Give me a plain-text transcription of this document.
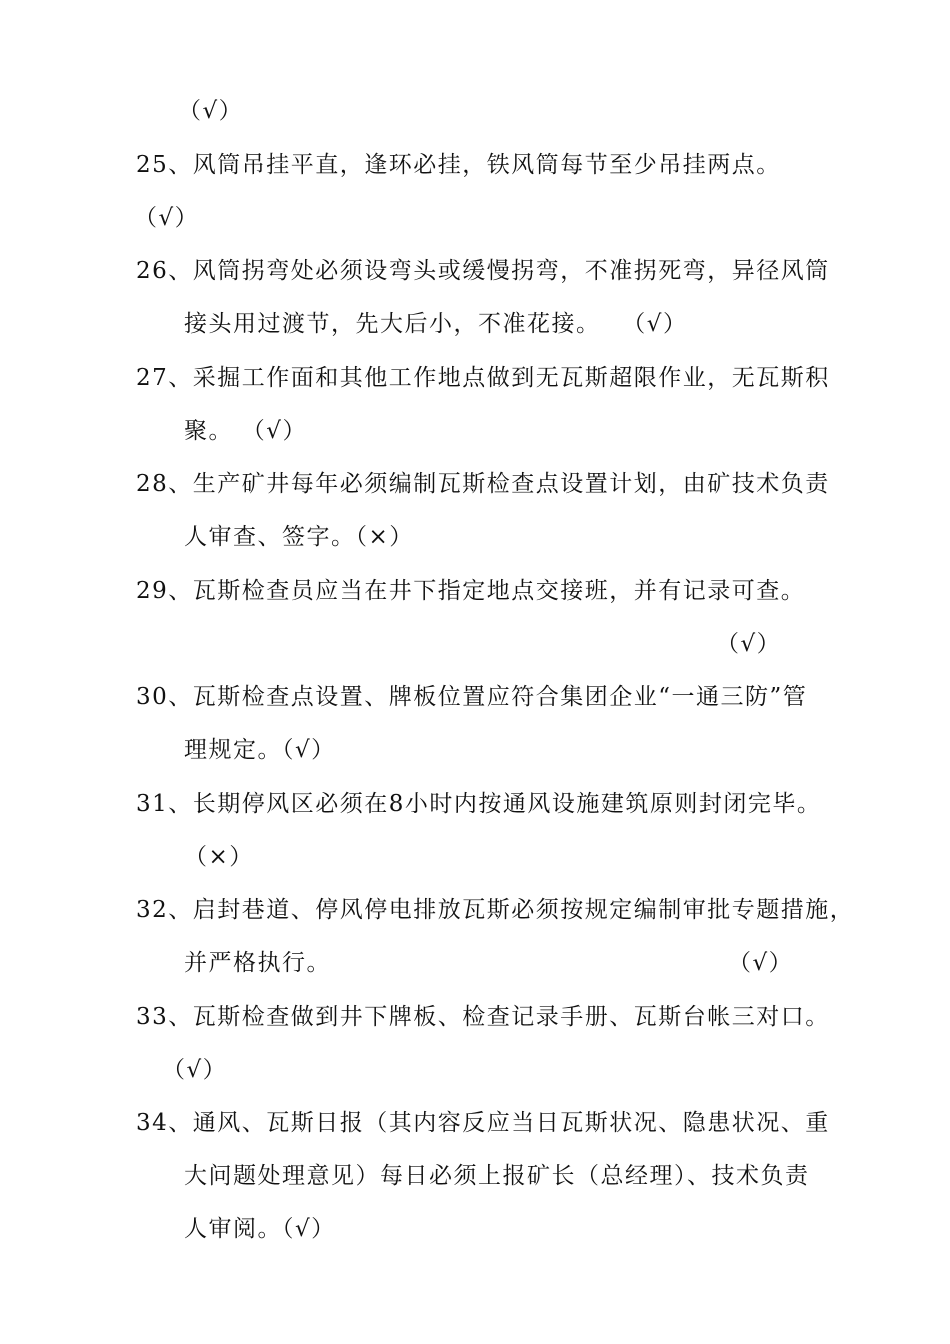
（√）
25、风筒吊挂平直，逢环必挂，铁风筒每节至少吊挂两点。
（√）
26、风筒拐弯处必须设弯头或缓慢拐弯，不准拐死弯，异径风筒
接头用过渡节，先大后小，不准花接。　 （√）
27、采掘工作面和其他工作地点做到无瓦斯超限作业，无瓦斯积
聚。 （√）
28、生产矿井每年必须编制瓦斯检查点设置计划，由矿技术负责
人审查、签字。（×）
29、瓦斯检查员应当在井下指定地点交接班，并有记录可查。
（√）
30、瓦斯检查点设置、牌板位置应符合集团企业“一通三防”管
理规定。（√）
31、长期停风区必须在8小时内按通风设施建筑原则封闭完毕。
（×）
32、启封巷道、停风停电排放瓦斯必须按规定编制审批专题措施，
并严格执行。	（√）
33、瓦斯检查做到井下牌板、检查记录手册、瓦斯台帐三对口。
（√）
34、通风、瓦斯日报（其内容反应当日瓦斯状况、隐患状况、重
大问题处理意见）每日必须上报矿长（总经理）、技术负责
人审阅。（√）
